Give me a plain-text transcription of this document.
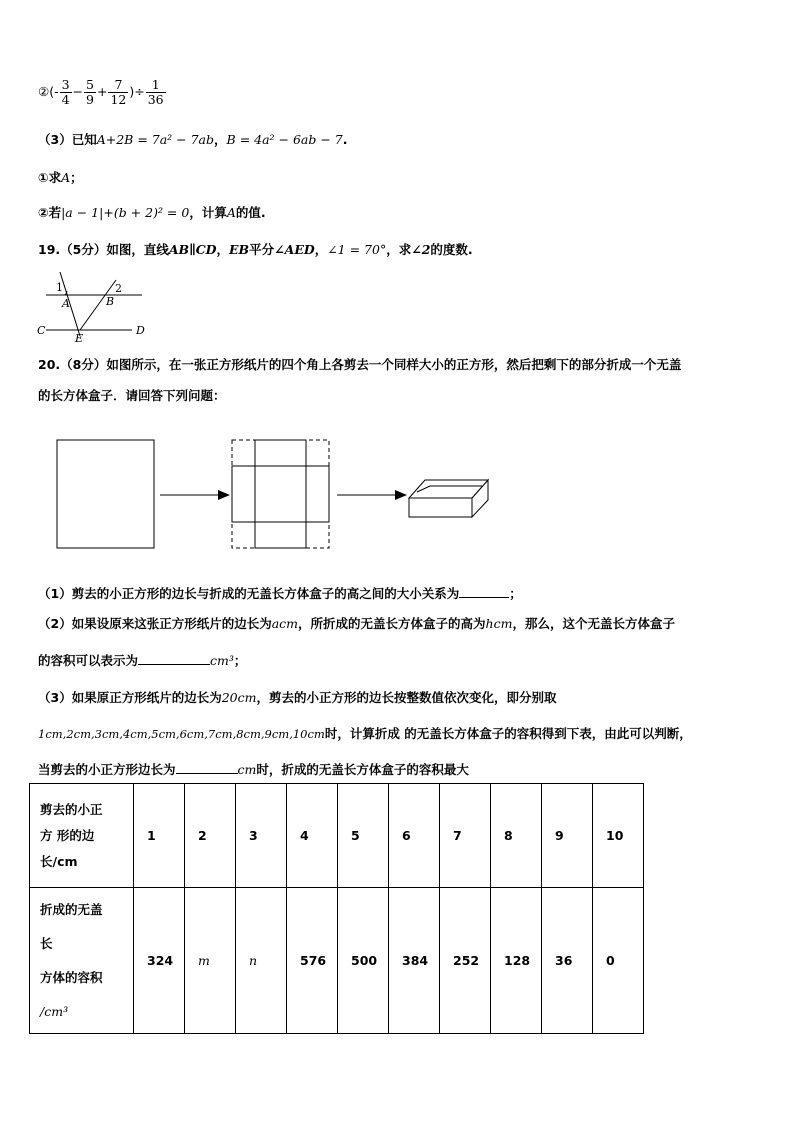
②(- $\frac{3}{4} - \frac{5}{9} + \frac{7}{12}$ )÷ $\frac{1}{36}$
（3）已知A+2B = 7a² − 7ab，B = 4a² − 6ab − 7.
①求A；
②若|a − 1|+(b + 2)² = 0，计算A的值.
19.（5分）如图，直线AB∥CD，EB平分∠AED，∠1 = 70°，求∠2的度数.
1	2
A	B
C	D
E
20.（8分）如图所示，在一张正方形纸片的四个角上各剪去一个同样大小的正方形，然后把剩下的部分折成一个无盖
的长方体盒子．请回答下列问题：
（1）剪去的小正方形的边长与折成的无盖长方体盒子的高之间的大小关系为	；
（2）如果设原来这张正方形纸片的边长为acm，所折成的无盖长方体盒子的高为hcm，那么，这个无盖长方体盒子
的容积可以表示为	cm³；
（3）如果原正方形纸片的边长为20cm，剪去的小正方形的边长按整数值依次变化，即分别取
1cm,2cm,3cm,4cm,5cm,6cm,7cm,8cm,9cm,10cm时，计算折成 的无盖长方体盒子的容积得到下表，由此可以判断，
当剪去的小正方形边长为	cm时，折成的无盖长方体盒子的容积最大
剪去的小正
方 形的边
长/cm	1	2	3	4	5	6	7	8	9	10

折成的无盖
长
方体的容积
/cm³	324	m	n	576	500	384	252	128	36	0
